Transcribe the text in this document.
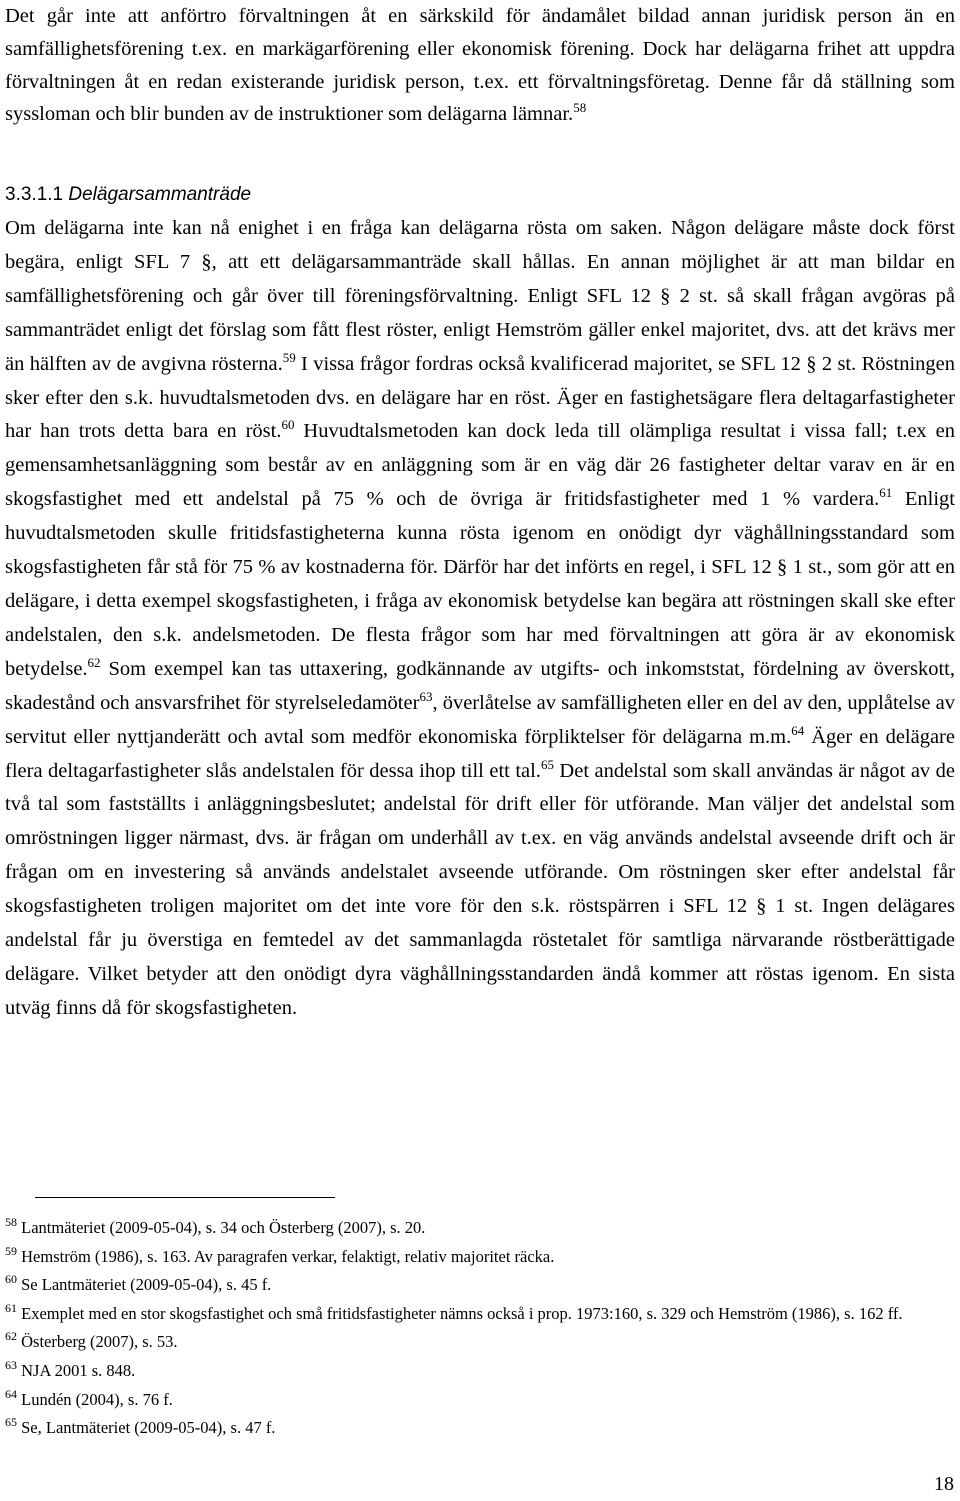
Det går inte att anförtro förvaltningen åt en särkskild för ändamålet bildad annan juridisk person än en samfällighetsförening t.ex. en markägarförening eller ekonomisk förening. Dock har delägarna frihet att uppdra förvaltningen åt en redan existerande juridisk person, t.ex. ett förvaltningsföretag. Denne får då ställning som syssloman och blir bunden av de instruktioner som delägarna lämnar.$^{58}$

3.3.1.1 Delägarsammanträde

Om delägarna inte kan nå enighet i en fråga kan delägarna rösta om saken. Någon delägare måste dock först begära, enligt SFL 7 §, att ett delägarsammanträde skall hållas. En annan möjlighet är att man bildar en samfällighetsförening och går över till föreningsförvaltning. Enligt SFL 12 § 2 st. så skall frågan avgöras på sammanträdet enligt det förslag som fått flest röster, enligt Hemström gäller enkel majoritet, dvs. att det krävs mer än hälften av de avgivna rösterna.$^{59}$ I vissa frågor fordras också kvalificerad majoritet, se SFL 12 § 2 st. Röstningen sker efter den s.k. huvudtalsmetoden dvs. en delägare har en röst. Äger en fastighetsägare flera deltagarfastigheter har han trots detta bara en röst.$^{60}$ Huvudtalsmetoden kan dock leda till olämpliga resultat i vissa fall; t.ex en gemensamhetsanläggning som består av en anläggning som är en väg där 26 fastigheter deltar varav en är en skogsfastighet med ett andelstal på 75 % och de övriga är fritidsfastigheter med 1 % vardera.$^{61}$ Enligt huvudtalsmetoden skulle fritidsfastigheterna kunna rösta igenom en onödigt dyr väghållningsstandard som skogsfastigheten får stå för 75 % av kostnaderna för. Därför har det införts en regel, i SFL 12 § 1 st., som gör att en delägare, i detta exempel skogsfastigheten, i fråga av ekonomisk betydelse kan begära att röstningen skall ske efter andelstalen, den s.k. andelsmetoden. De flesta frågor som har med förvaltningen att göra är av ekonomisk betydelse.$^{62}$ Som exempel kan tas uttaxering, godkännande av utgifts- och inkomststat, fördelning av överskott, skadestånd och ansvarsfrihet för styrelseledamöter$^{63}$, överlåtelse av samfälligheten eller en del av den, upplåtelse av servitut eller nyttjanderätt och avtal som medför ekonomiska förpliktelser för delägarna m.m.$^{64}$ Äger en delägare flera deltagarfastigheter slås andelstalen för dessa ihop till ett tal.$^{65}$ Det andelstal som skall användas är något av de två tal som fastställts i anläggningsbeslutet; andelstal för drift eller för utförande. Man väljer det andelstal som omröstningen ligger närmast, dvs. är frågan om underhåll av t.ex. en väg används andelstal avseende drift och är frågan om en investering så används andelstalet avseende utförande. Om röstningen sker efter andelstal får skogsfastigheten troligen majoritet om det inte vore för den s.k. röstspärren i SFL 12 § 1 st. Ingen delägares andelstal får ju överstiga en femtedel av det sammanlagda röstetalet för samtliga närvarande röstberättigade delägare. Vilket betyder att den onödigt dyra väghållningsstandarden ändå kommer att röstas igenom. En sista utväg finns då för skogsfastigheten.

$^{58}$ Lantmäteriet (2009-05-04), s. 34 och Österberg (2007), s. 20.
$^{59}$ Hemström (1986), s. 163. Av paragrafen verkar, felaktigt, relativ majoritet räcka.
$^{60}$ Se Lantmäteriet (2009-05-04), s. 45 f.
$^{61}$ Exemplet med en stor skogsfastighet och små fritidsfastigheter nämns också i prop. 1973:160, s. 329 och Hemström (1986), s. 162 ff.
$^{62}$ Österberg (2007), s. 53.
$^{63}$ NJA 2001 s. 848.
$^{64}$ Lundén (2004), s. 76 f.
$^{65}$ Se, Lantmäteriet (2009-05-04), s. 47 f.
18
